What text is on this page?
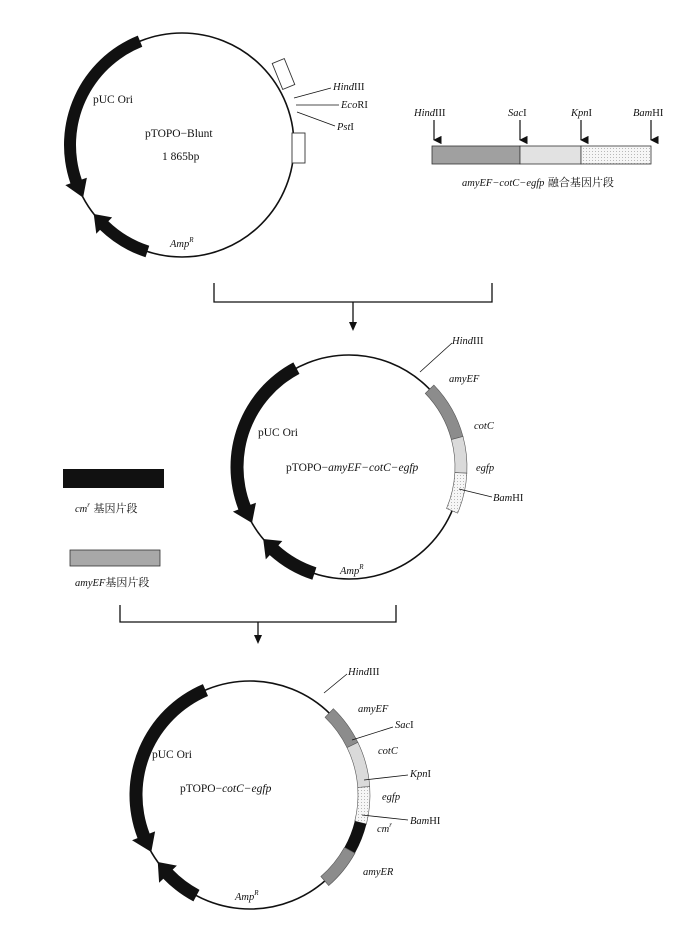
HindIII
EcoRI
PstI
pUC Ori
pTOPO−Blunt
1 865bp
Amp$^R$
HindIII	SacI	KpnI	BamHI
amyEF−cotC−egfp 融合基因片段
HindIII
amyEF
cotC
egfp
BamHI
pUC Ori
pTOPO−amyEF−cotC−egfp
Amp$^R$
$cm^r$ 基因片段
amyEF基因片段
HindIII
amyEF
SacI
cotC
KpnI
egfp
BamHI
$cm^r$
amyER
pUC Ori
pTOPO−cotC−egfp
Amp$^R$
